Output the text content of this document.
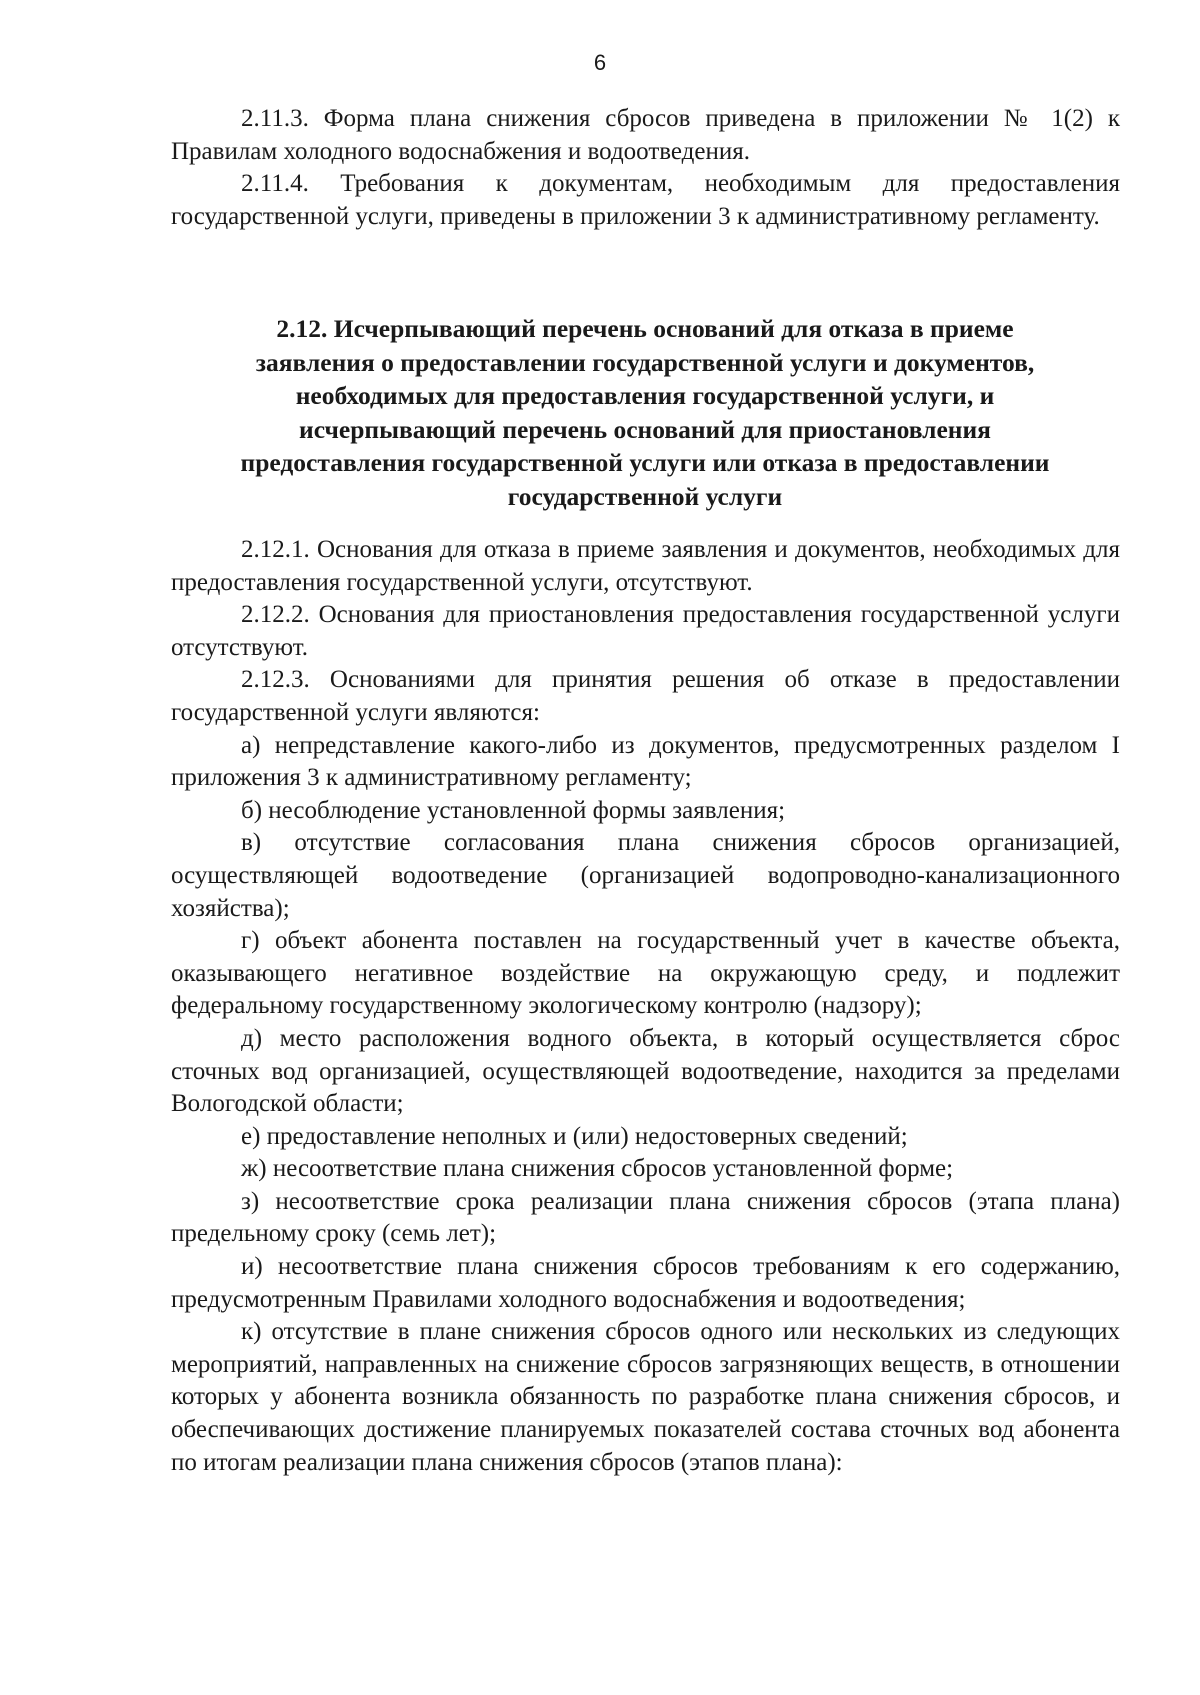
6

2.11.3. Форма плана снижения сбросов приведена в приложении № 1(2) к Правилам холодного водоснабжения и водоотведения.

2.11.4. Требования к документам, необходимым для предоставления государственной услуги, приведены в приложении 3 к административному регламенту.

2.12. Исчерпывающий перечень оснований для отказа в приеме
заявления о предоставлении государственной услуги и документов,
необходимых для предоставления государственной услуги, и
исчерпывающий перечень оснований для приостановления
предоставления государственной услуги или отказа в предоставлении
государственной услуги

2.12.1. Основания для отказа в приеме заявления и документов, необходимых для предоставления государственной услуги, отсутствуют.

2.12.2. Основания для приостановления предоставления государственной услуги отсутствуют.

2.12.3. Основаниями для принятия решения об отказе в предоставлении государственной услуги являются:

а) непредставление какого-либо из документов, предусмотренных разделом I приложения 3 к административному регламенту;

б) несоблюдение установленной формы заявления;

в) отсутствие согласования плана снижения сбросов организацией, осуществляющей водоотведение (организацией водопроводно-канализационного хозяйства);

г) объект абонента поставлен на государственный учет в качестве объекта, оказывающего негативное воздействие на окружающую среду, и подлежит федеральному государственному экологическому контролю (надзору);

д) место расположения водного объекта, в который осуществляется сброс сточных вод организацией, осуществляющей водоотведение, находится за пределами Вологодской области;

е) предоставление неполных и (или) недостоверных сведений;

ж) несоответствие плана снижения сбросов установленной форме;

з) несоответствие срока реализации плана снижения сбросов (этапа плана) предельному сроку (семь лет);

и) несоответствие плана снижения сбросов требованиям к его содержанию, предусмотренным Правилами холодного водоснабжения и водоотведения;

к) отсутствие в плане снижения сбросов одного или нескольких из следующих мероприятий, направленных на снижение сбросов загрязняющих веществ, в отношении которых у абонента возникла обязанность по разработке плана снижения сбросов, и обеспечивающих достижение планируемых показателей состава сточных вод абонента по итогам реализации плана снижения сбросов (этапов плана):
